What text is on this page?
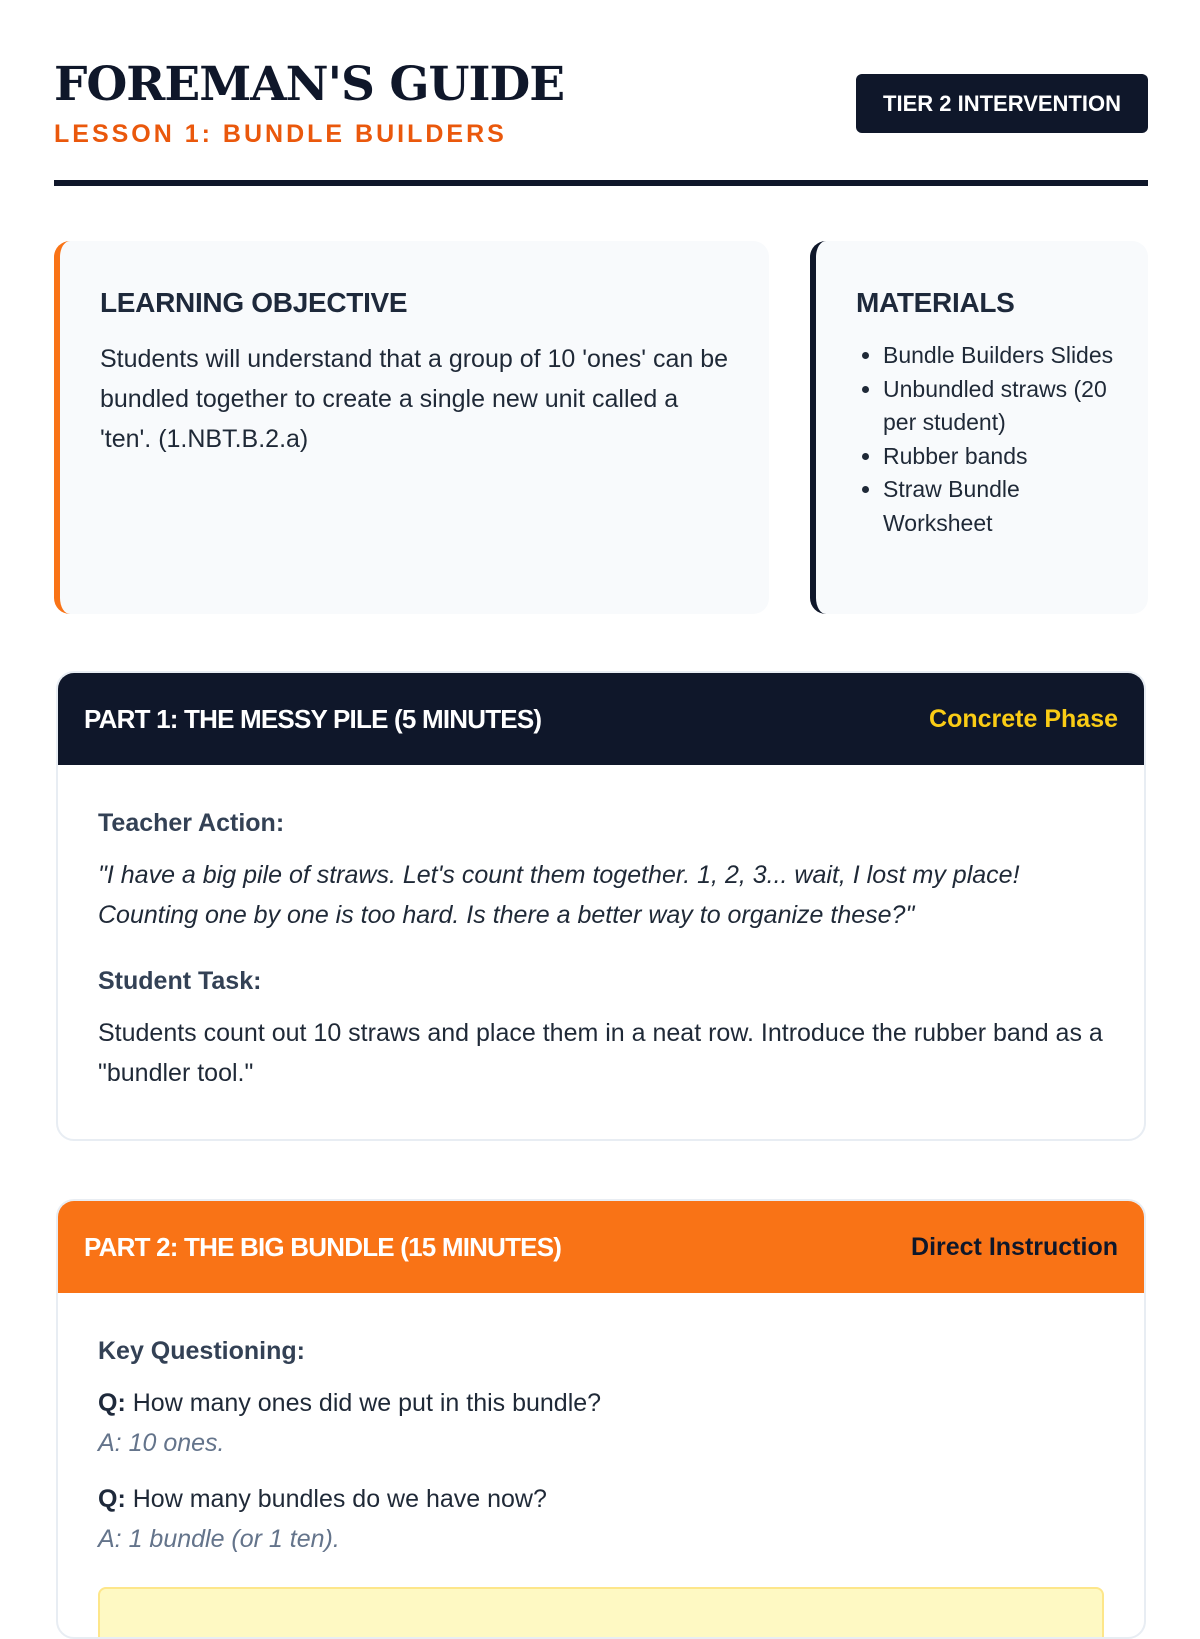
FOREMAN'S GUIDE
LESSON 1: BUNDLE BUILDERS
TIER 2 INTERVENTION
LEARNING OBJECTIVE

Students will understand that a group of 10 'ones' can be bundled together to create a single new unit called a 'ten'. (1.NBT.B.2.a)

MATERIALS
• Bundle Builders Slides
• Unbundled straws (20 per student)
• Rubber bands
• Straw Bundle Worksheet
PART 1: THE MESSY PILE (5 MINUTES)	Concrete Phase
Teacher Action:
"I have a big pile of straws. Let's count them together. 1, 2, 3... wait, I lost my place! Counting one by one is too hard. Is there a better way to organize these?"
Student Task:
Students count out 10 straws and place them in a neat row. Introduce the rubber band as a "bundler tool."
PART 2: THE BIG BUNDLE (15 MINUTES)	Direct Instruction
Key Questioning:
Q: How many ones did we put in this bundle?
A: 10 ones.
Q: How many bundles do we have now?
A: 1 bundle (or 1 ten).
